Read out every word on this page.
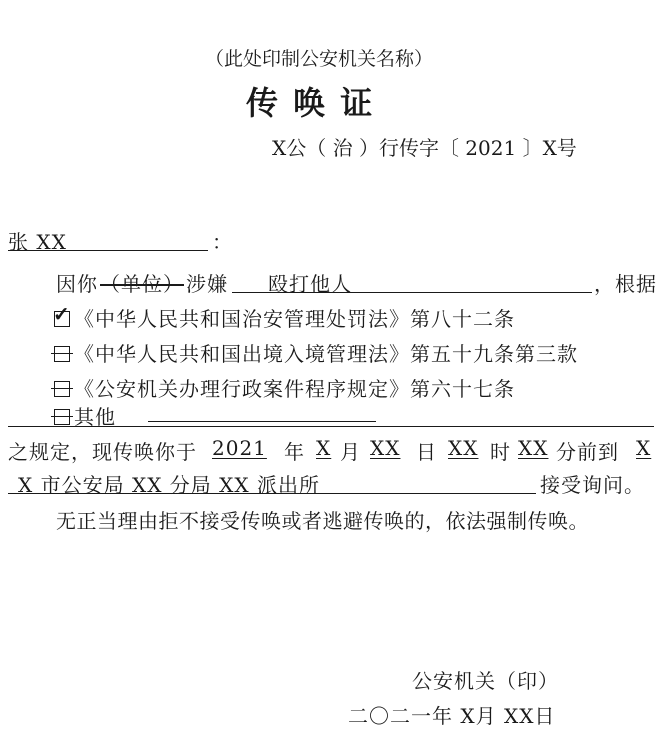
（此处印制公安机关名称）
传 唤 证
X公（ 治 ）行传字〔 2021 〕X号
张 XX	：
因你 （单位） 涉嫌 殴打他人	，根据
✓ 《中华人民共和国治安管理处罚法》第八十二条
《中华人民共和国出境入境管理法》第五十九条第三款
《公安机关办理行政案件程序规定》第六十七条
其他
之规定，现传唤你于 2021 年 X 月 XX 日 XX 时 XX 分前到 X
X 市公安局 XX 分局 XX 派出所	接受询问。
无正当理由拒不接受传唤或者逃避传唤的，依法强制传唤。
公安机关（印）
二〇二一年 X月 XX日
